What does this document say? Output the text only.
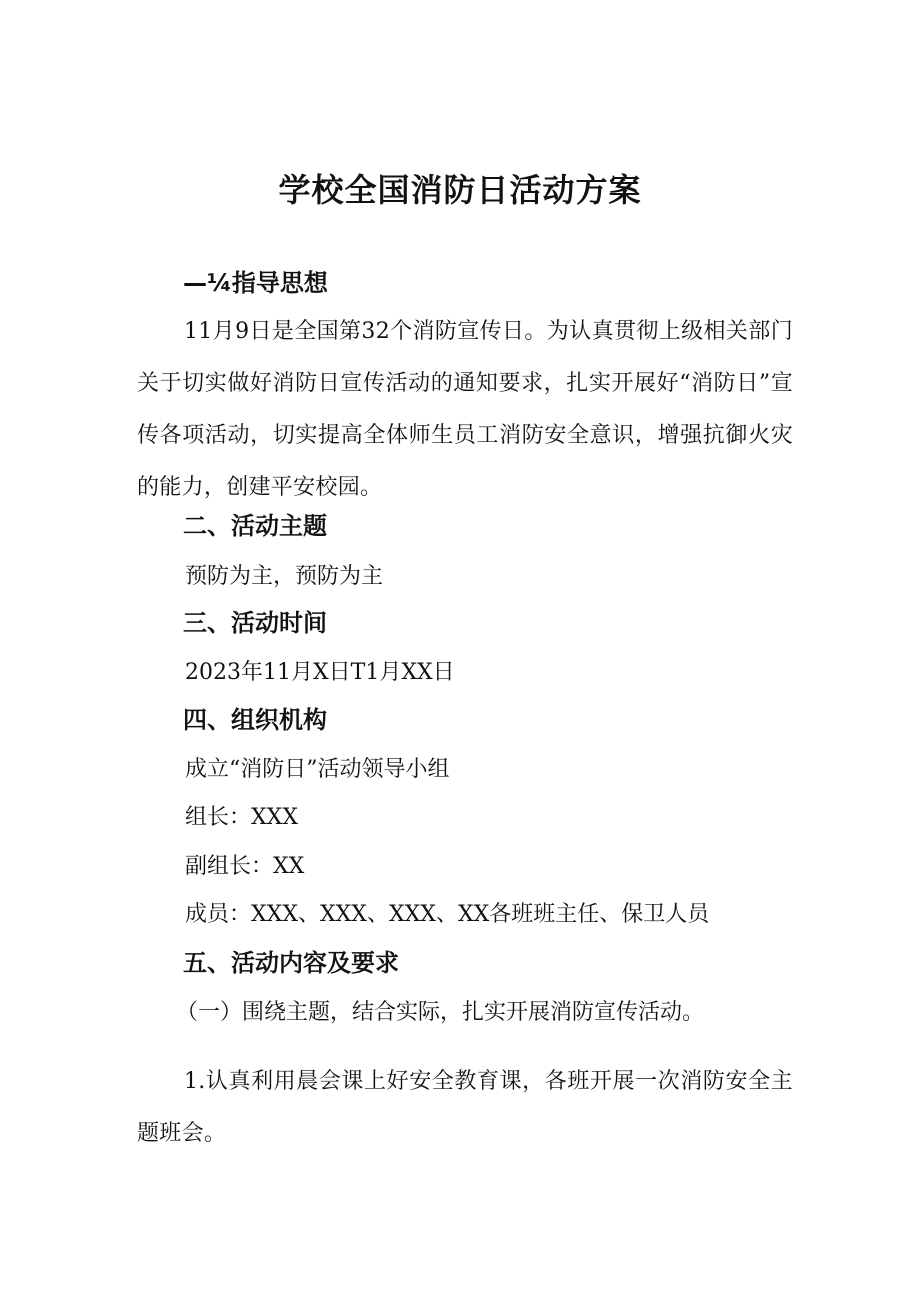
学校全国消防日活动方案
—¼指导思想

11月9日是全国第32个消防宣传日。为认真贯彻上级相关部门关于切实做好消防日宣传活动的通知要求，扎实开展好“消防日”宣传各项活动，切实提高全体师生员工消防安全意识，增强抗御火灾的能力，创建平安校园。

二、活动主题

预防为主，预防为主

三、活动时间

2023年11月X日T1月XX日

四、组织机构

成立“消防日”活动领导小组

组长：XXX

副组长：XX

成员：XXX、XXX、XXX、XX各班班主任、保卫人员

五、活动内容及要求

（一）围绕主题，结合实际，扎实开展消防宣传活动。

1.认真利用晨会课上好安全教育课，各班开展一次消防安全主题班会。
